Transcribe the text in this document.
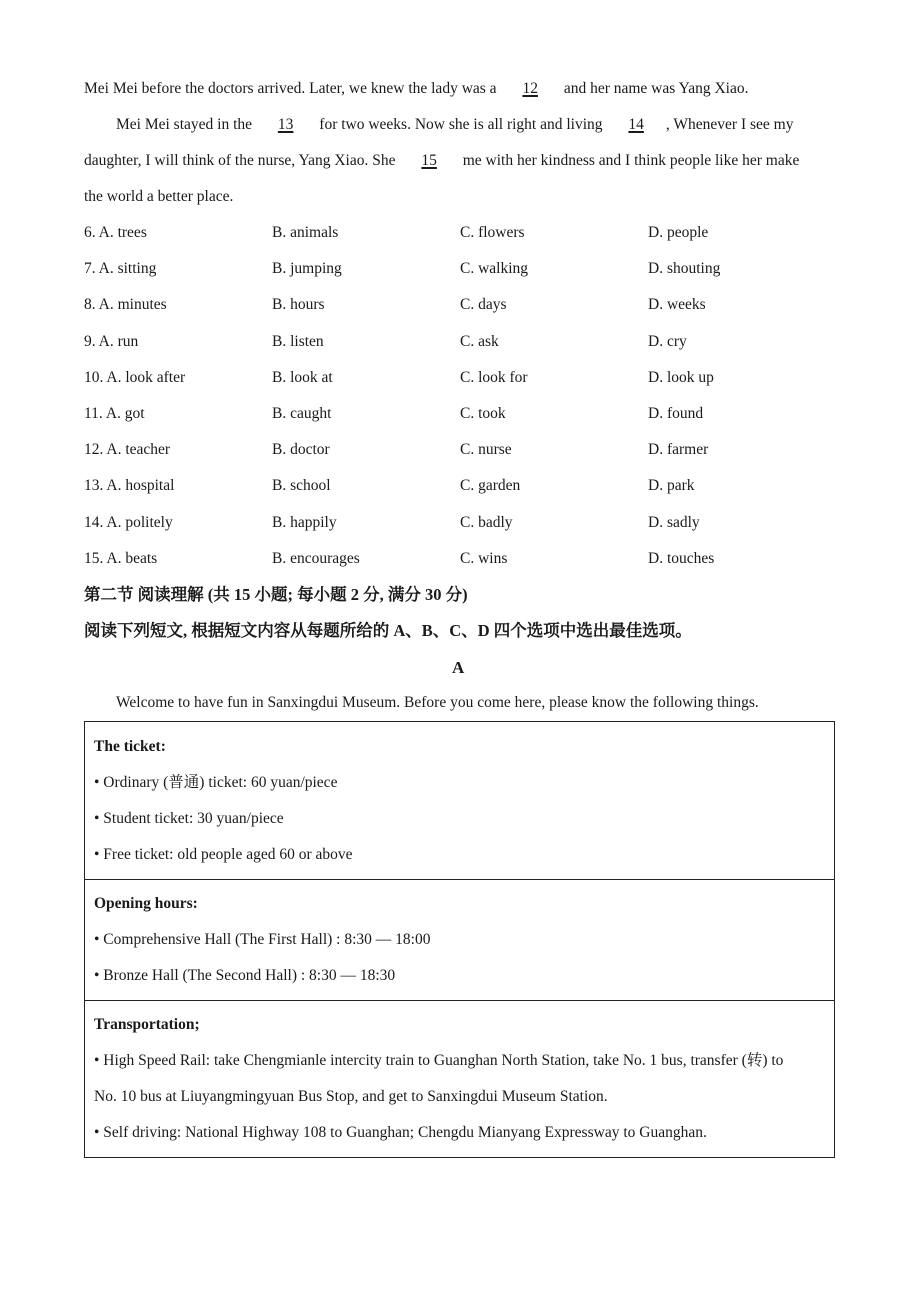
Mei Mei before the doctors arrived. Later, we knew the lady was a 12 and her name was Yang Xiao.
Mei Mei stayed in the 13 for two weeks. Now she is all right and living 14 , Whenever I see my
daughter, I will think of the nurse, Yang Xiao. She 15 me with her kindness and I think people like her make
the world a better place.
6. A. trees	B. animals	C. flowers	D. people
7. A. sitting	B. jumping	C. walking	D. shouting
8. A. minutes	B. hours	C. days	D. weeks
9. A. run	B. listen	C. ask	D. cry
10. A. look after	B. look at	C. look for	D. look up
11. A. got	B. caught	C. took	D. found
12. A. teacher	B. doctor	C. nurse	D. farmer
13. A. hospital	B. school	C. garden	D. park
14. A. politely	B. happily	C. badly	D. sadly
15. A. beats	B. encourages	C. wins	D. touches
第二节 阅读理解 (共 15 小题; 每小题 2 分, 满分 30 分)
阅读下列短文, 根据短文内容从每题所给的 A、B、C、D 四个选项中选出最佳选项。
A
Welcome to have fun in Sanxingdui Museum. Before you come here, please know the following things.
The ticket:
• Ordinary (普通) ticket: 60 yuan/piece
• Student ticket: 30 yuan/piece
• Free ticket: old people aged 60 or above
Opening hours:
• Comprehensive Hall (The First Hall) : 8:30 — 18:00
• Bronze Hall (The Second Hall) : 8:30 — 18:30
Transportation;
• High Speed Rail: take Chengmianle intercity train to Guanghan North Station, take No. 1 bus, transfer (转) to
No. 10 bus at Liuyangmingyuan Bus Stop, and get to Sanxingdui Museum Station.
• Self driving: National Highway 108 to Guanghan; Chengdu Mianyang Expressway to Guanghan.
